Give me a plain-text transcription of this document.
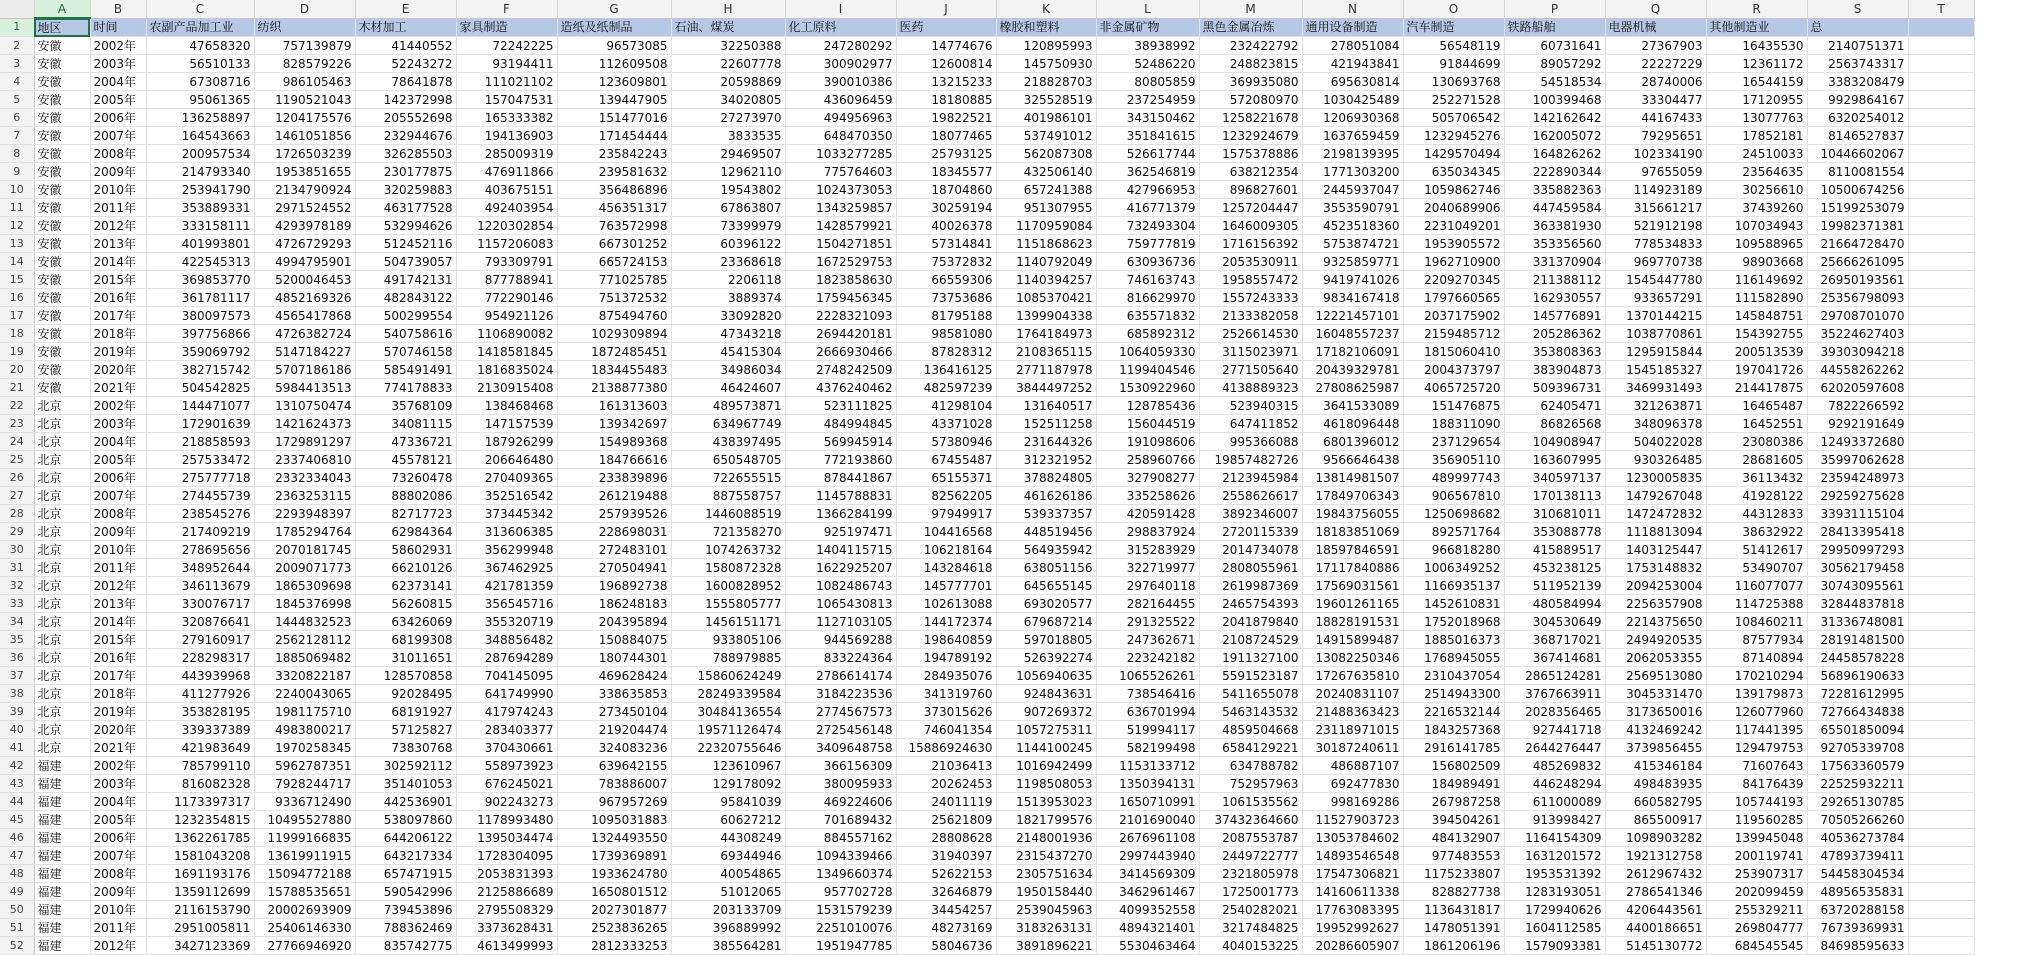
	A	B	C	D	E	F	G	H	I	J	K	L	M	N	O	P	Q	R	S	T
1	地区	时间	农副产品加工业	纺织	木材加工	家具制造	造纸及纸制品	石油、煤炭	化工原料	医药	橡胶和塑料	非金属矿物	黑色金属冶炼	通用设备制造	汽车制造	铁路船舶	电器机械	其他制造业	总	
2	安徽	2002年	47658320	757139879	41440552	72242225	96573085	32250388	247280292	14774676	120895993	38938992	232422792	278051084	56548119	60731641	27367903	16435530	2140751371	
3	安徽	2003年	56510133	828579226	52243272	93194411	112609508	22607778	300902977	12600814	145750930	52486220	248823815	421943841	91844699	89057292	22227229	12361172	2563743317	
4	安徽	2004年	67308716	986105463	78641878	111021102	123609801	20598869	390010386	13215233	218828703	80805859	369935080	695630814	130693768	54518534	28740006	16544159	3383208479	
5	安徽	2005年	95061365	1190521043	142372998	157047531	139447905	34020805	436096459	18180885	325528519	237254959	572080970	1030425489	252271528	100399468	33304477	17120955	9929864167	
6	安徽	2006年	136258897	1204175576	205552698	165333382	151477016	27273970	494956963	19822521	401986101	343150462	1258221678	1206930368	505706542	142162642	44167433	13077763	6320254012	
7	安徽	2007年	164543663	1461051856	232944676	194136903	171454444	3833535	648470350	18077465	537491012	351841615	1232924679	1637659459	1232945276	162005072	79295651	17852181	8146527837	
8	安徽	2008年	200957534	1726503239	326285503	285009319	235842243	29469507	1033277285	25793125	562087308	526617744	1575378886	2198139395	1429570494	164826262	102334190	24510033	10446602067	
9	安徽	2009年	214793340	1953851655	230177875	476911866	239581632	12962110	775764603	18345577	432506140	362546819	638212354	1771303200	635034345	222890344	97655059	23564635	8110081554	
10	安徽	2010年	253941790	2134790924	320259883	403675151	356486896	19543802	1024373053	18704860	657241388	427966953	896827601	2445937047	1059862746	335882363	114923189	30256610	10500674256	
11	安徽	2011年	353889331	2971524552	463177528	492403954	456351317	67863807	1343259857	30259194	951307955	416771379	1257204447	3553590791	2040689906	447459584	315661217	37439260	15199253079	
12	安徽	2012年	333158111	4293978189	532994626	1220302854	763572998	73399979	1428579921	40026378	1170959084	732493304	1646009305	4523518360	2231049201	363381930	521912198	107034943	19982371381	
13	安徽	2013年	401993801	4726729293	512452116	1157206083	667301252	60396122	1504271851	57314841	1151868623	759777819	1716156392	5753874721	1953905572	353356560	778534833	109588965	21664728470	
14	安徽	2014年	422545313	4994795901	504739057	793309791	665724153	23368618	1672529753	75372832	1140792049	630936736	2053530911	9325859771	1962710900	331370904	969770738	98903668	25666261095	
15	安徽	2015年	369853770	5200046453	491742131	877788941	771025785	2206118	1823858630	66559306	1140394257	746163743	1958557472	9419741026	2209270345	211388112	1545447780	116149692	26950193561	
16	安徽	2016年	361781117	4852169326	482843122	772290146	751372532	3889374	1759456345	73753686	1085370421	816629970	1557243333	9834167418	1797660565	162930557	933657291	111582890	25356798093	
17	安徽	2017年	380097573	4565417868	500299554	954921126	875494760	33092820	2228321093	81795188	1399904338	635571832	2133382058	12221457101	2037175902	145776891	1370144215	145848751	29708701070	
18	安徽	2018年	397756866	4726382724	540758616	1106890082	1029309894	47343218	2694420181	98581080	1764184973	685892312	2526614530	16048557237	2159485712	205286362	1038770861	154392755	35224627403	
19	安徽	2019年	359069792	5147184227	570746158	1418581845	1872485451	45415304	2666930466	87828312	2108365115	1064059330	3115023971	17182106091	1815060410	353808363	1295915844	200513539	39303094218	
20	安徽	2020年	382715742	5707186186	585491491	1816835024	1834455483	34986034	2748242509	136416125	2771187978	1199404546	2771505640	20439329781	2004373797	383904873	1545185327	197041726	44558262262	
21	安徽	2021年	504542825	5984413513	774178833	2130915408	2138877380	46424607	4376240462	482597239	3844497252	1530922960	4138889323	27808625987	4065725720	509396731	3469931493	214417875	62020597608	
22	北京	2002年	144471077	1310750474	35768109	138468468	161313603	489573871	523111825	41298104	131640517	128785436	523940315	3641533089	151476875	62405471	321263871	16465487	7822266592	
23	北京	2003年	172901639	1421624373	34081115	147157539	139342697	634967749	484994845	43371028	152511258	156044519	647411852	4618096448	188311090	86826568	348096378	16452551	9292191649	
24	北京	2004年	218858593	1729891297	47336721	187926299	154989368	438397495	569945914	57380946	231644326	191098606	995366088	6801396012	237129654	104908947	504022028	23080386	12493372680	
25	北京	2005年	257533472	2337406810	45578121	206646480	184766616	650548705	772193860	67455487	312321952	258960766	19857482726	9566646438	356905110	163607995	930326485	28681605	35997062628	
26	北京	2006年	275777718	2332334043	73260478	270409365	233839896	722655515	878441867	65155371	378824805	327908277	2123945984	13814981507	489997743	340597137	1230005835	36113432	23594248973	
27	北京	2007年	274455739	2363253115	88802086	352516542	261219488	887558757	1145788831	82562205	461626186	335258626	2558626617	17849706343	906567810	170138113	1479267048	41928122	29259275628	
28	北京	2008年	238545276	2293948397	82717723	373445342	257939526	1446088519	1366284199	97949917	539337357	420591428	3892346007	19843756055	1250698682	310681011	1472472832	44312833	33931115104	
29	北京	2009年	217409219	1785294764	62984364	313606385	228698031	721358270	925197471	104416568	448519456	298837924	2720115339	18183851069	892571764	353088778	1118813094	38632922	28413395418	
30	北京	2010年	278695656	2070181745	58602931	356299948	272483101	1074263732	1404115715	106218164	564935942	315283929	2014734078	18597846591	966818280	415889517	1403125447	51412617	29950997293	
31	北京	2011年	348952644	2009071773	66210126	367462925	270504941	1580872328	1622925207	143284618	638051156	322719977	2808055961	17117840886	1006349252	453238125	1753148832	53490707	30562179458	
32	北京	2012年	346113679	1865309698	62373141	421781359	196892738	1600828952	1082486743	145777701	645655145	297640118	2619987369	17569031561	1166935137	511952139	2094253004	116077077	30743095561	
33	北京	2013年	330076717	1845376998	56260815	356545716	186248183	1555805777	1065430813	102613088	693020577	282164455	2465754393	19601261165	1452610831	480584994	2256357908	114725388	32844837818	
34	北京	2014年	320876641	1444832523	63426069	355320719	204395894	1456151171	1127103105	144172374	679687214	291325522	2041879840	18828191531	1752018968	304530649	2214375650	108460211	31336748081	
35	北京	2015年	279160917	2562128112	68199308	348856482	150884075	933805106	944569288	198640859	597018805	247362671	2108724529	14915899487	1885016373	368717021	2494920535	87577934	28191481500	
36	北京	2016年	228298317	1885069482	31011651	287694289	180744301	788979885	833224364	194789192	526392274	223242182	1911327100	13082250346	1768945055	367414681	2062053355	87140894	24458578228	
37	北京	2017年	443939968	3320822187	128570858	704145095	469628424	15860624249	2786614174	284935076	1056940635	1065526261	5591523187	17267635810	2310437054	2865124281	2569513080	170210294	56896190633	
38	北京	2018年	411277926	2240043065	92028495	641749990	338635853	28249339584	3184223536	341319760	924843631	738546416	5411655078	20240831107	2514943300	3767663911	3045331470	139179873	72281612995	
39	北京	2019年	353828195	1981175710	68191927	417974243	273450104	30484136554	2774567573	373015626	907269372	636701994	5463143532	21488363423	2216532144	2028356465	3173650016	126077960	72766434838	
40	北京	2020年	339337389	4983800217	57125827	283403377	219204474	19571126474	2725456148	746041354	1057275311	519994117	4859504668	23118971015	1843257368	927441718	4132469242	117441395	65501850094	
41	北京	2021年	421983649	1970258345	73830768	370430661	324083236	22320755646	3409648758	15886924630	1144100245	582199498	6584129221	30187240611	2916141785	2644276447	3739856455	129479753	92705339708	
42	福建	2002年	785799110	5962787351	302592112	558973923	639642155	123610967	366156309	21036413	1016942499	1153133712	634788782	486887107	156802509	485269832	415346184	71607643	17563360579	
43	福建	2003年	816082328	7928244717	351401053	676245021	783886007	129178092	380095933	20262453	1198508053	1350394131	752957963	692477830	184989491	446248294	498483935	84176439	22525932211	
44	福建	2004年	1173397317	9336712490	442536901	902243273	967957269	95841039	469224606	24011119	1513953023	1650710991	1061535562	998169286	267987258	611000089	660582795	105744193	29265130785	
45	福建	2005年	1232354815	10495527880	538097860	1178993480	1095031883	60627212	701689432	25621809	1821799576	2101690040	37432364660	11527903723	394504261	913998427	865500917	119560285	70505266260	
46	福建	2006年	1362261785	11999166835	644206122	1395034474	1324493550	44308249	884557162	28808628	2148001936	2676961108	2087553787	13053784602	484132907	1164154309	1098903282	139945048	40536273784	
47	福建	2007年	1581043208	13619911915	643217334	1728304095	1739369891	69344946	1094339466	31940397	2315437270	2997443940	2449722777	14893546548	977483553	1631201572	1921312758	200119741	47893739411	
48	福建	2008年	1691193176	15094772188	657471915	2053831393	1933624780	40054865	1349660374	52622153	2305751634	3414569309	2321805978	17547306821	1175233807	1953531392	2612967432	253907317	54458304534	
49	福建	2009年	1359112699	15788535651	590542996	2125886689	1650801512	51012065	957702728	32646879	1950158440	3462961467	1725001773	14160611338	828827738	1283193051	2786541346	202099459	48956535831	
50	福建	2010年	2116153790	20002693909	739453896	2795508329	2027301877	203133709	1531579239	34454257	2539045963	4099352558	2540282021	17763083395	1136431817	1729940626	4206443561	255329211	63720288158	
51	福建	2011年	2951005811	25406146330	788362469	3373628431	2523836265	396889992	2251010076	48273169	3183263131	4894321401	3217484825	19952992627	1478051391	1604112585	4400186651	269804777	76739369931	
52	福建	2012年	3427123369	27766946920	835742775	4613499993	2812333253	385564281	1951947785	58046736	3891896221	5530463464	4040153225	20286605907	1861206196	1579093381	5145130772	684545545	84698595633	
